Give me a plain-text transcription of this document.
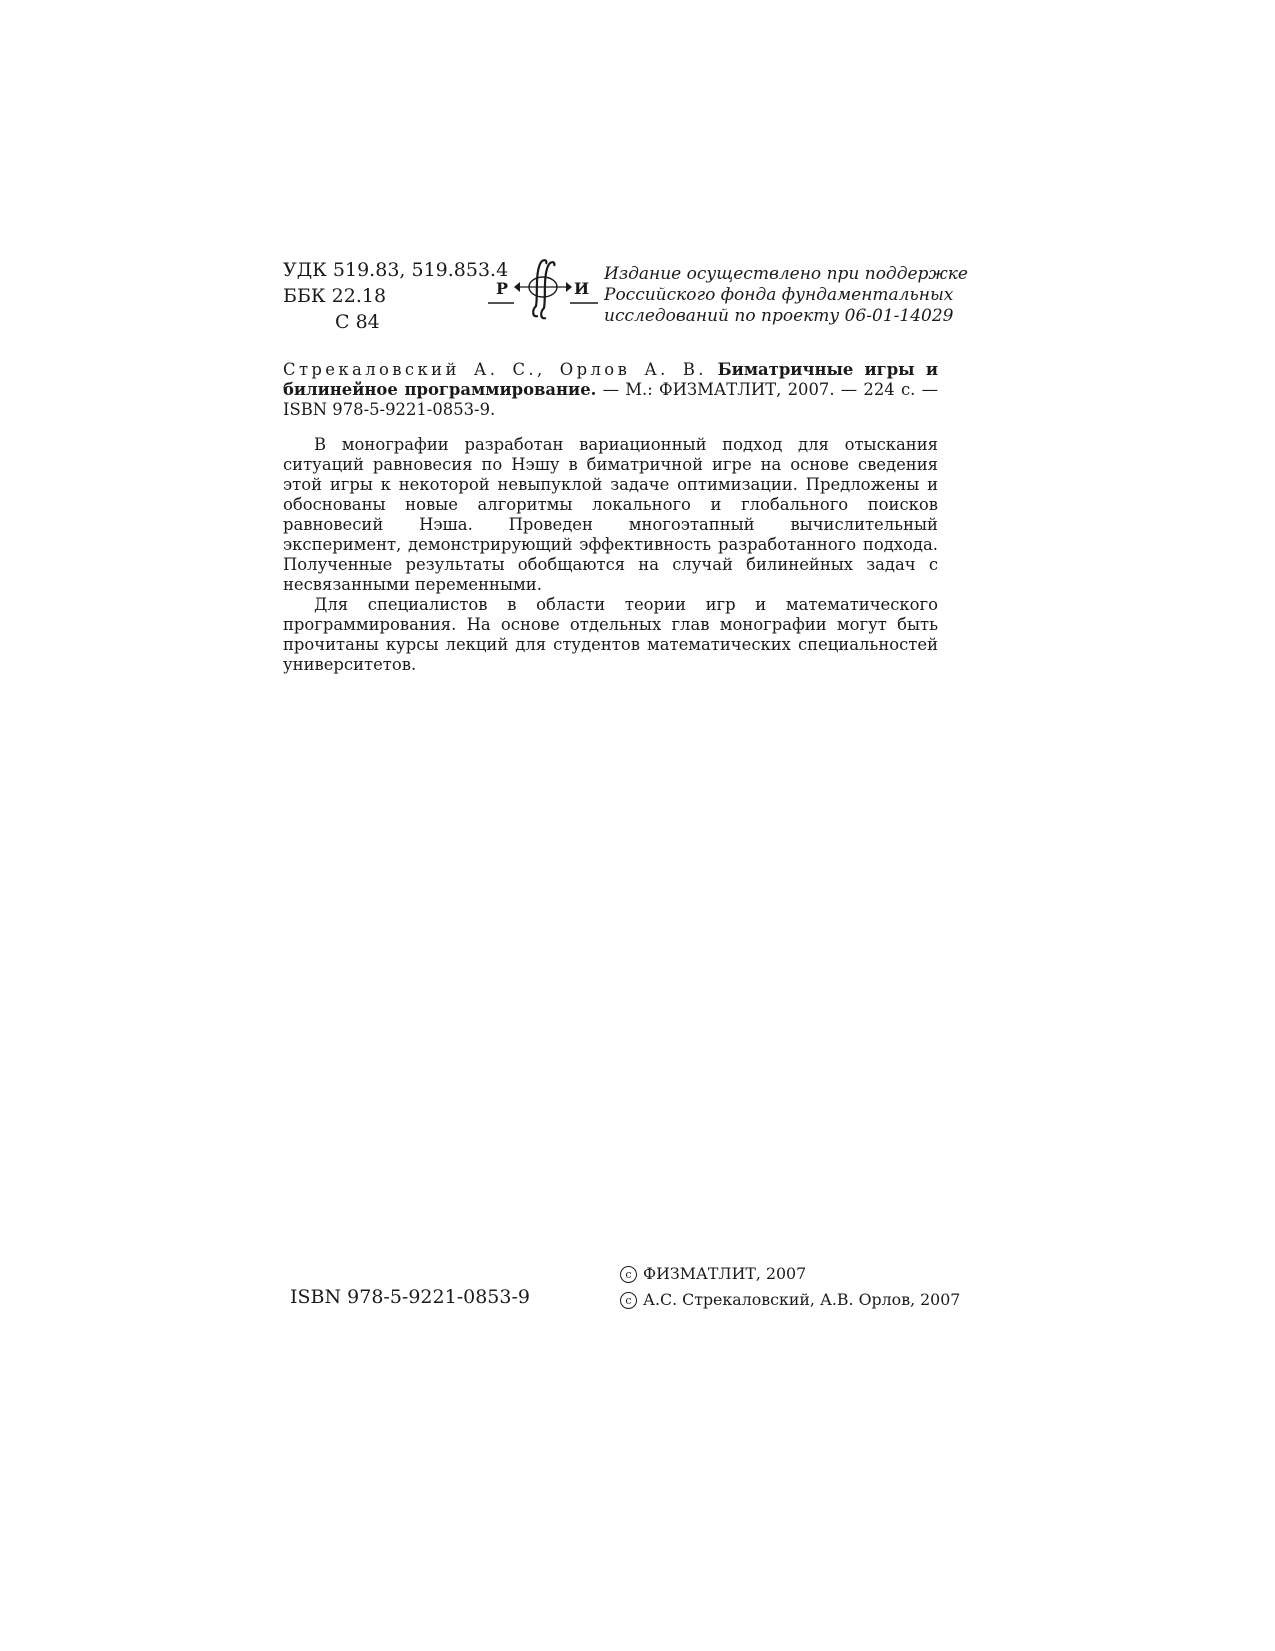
УДК 519.83, 519.853.4
ББК 22.18
С 84
Р	И
Издание осуществлено при поддержке
Российского фонда фундаментальных
исследований по проекту 06-01-14029
Стрекаловский А. С., Орлов А. В. Биматричные игры и билинейное программирование. — М.: ФИЗМАТЛИТ, 2007. — 224 с. — ISBN 978-5-9221-0853-9.

В монографии разработан вариационный подход для отыскания ситуаций равновесия по Нэшу в биматричной игре на основе сведения этой игры к некоторой невыпуклой задаче оптимизации. Предложены и обоснованы новые алгоритмы локального и глобального поисков равновесий Нэша. Проведен многоэтапный вычислительный эксперимент, демонстрирующий эффективность разработанного подхода. Полученные результаты обобщаются на случай билинейных задач с несвязанными переменными.

Для специалистов в области теории игр и математического программирования. На основе отдельных глав монографии могут быть прочитаны курсы лекций для студентов математических специальностей университетов.

ISBN 978-5-9221-0853-9
c ФИЗМАТЛИТ, 2007
c А.С. Стрекаловский, А.В. Орлов, 2007
